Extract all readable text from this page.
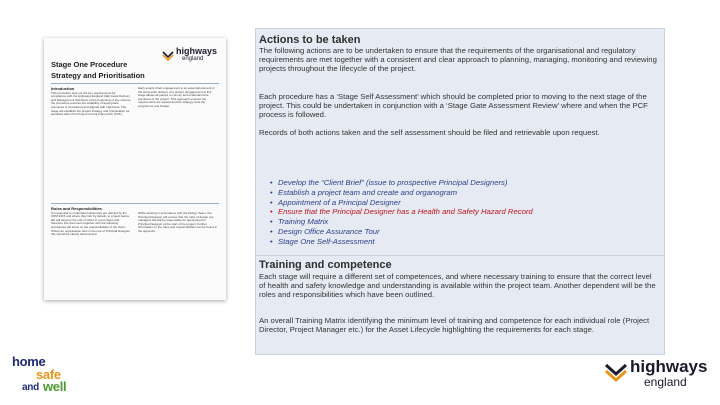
highways
england
Stage One Procedure
Strategy and Prioritisation
Introduction
This procedure sets out the key requirements for compliance with the Highways England (HE) Asset Delivery and Management Standard. At the beginning of any scheme the procedure ensures the suitability of appropriate resources is considered and aligned with objectives. The stage will establish the project strategy and prioritisation as identified within the Project Control Framework (PCF).
Early supply chain engagement is an essential element in the successful delivery of a project. Engagement at this stage allows all parties to convey and understand the intentions of the project. This approach ensures the requirements are agreed and the strategy suits the programme and budget.
Roles and Responsibilities
It is essential to understand what roles are defined by the CDM 2015 and where they fall, by default, to project teams. HE will assume the role of Client in most cases and therefore this document together with the following procedures will focus on the responsibilities of the client. Where an organisation acts in the role of Principal Designer this should be clearly documented.
While working in accordance with the Design Team, the Principal Designer will ensure that the risks of design are managed. HE will be responsible for appointing the Principal Designer at the start of the project. Further information on the roles and responsibilities can be found in the appendix.
Actions to be taken
The following actions are to be undertaken to ensure that the requirements of the organisational and regulatory requirements are met together with a consistent and clear approach to planning, managing, monitoring and reviewing projects throughout the lifecycle of the project.
Each procedure has a ‘Stage Self Assessment’ which should be completed prior to moving to the next stage of the project. This could be undertaken in conjunction with a ‘Stage Gate Assessment Review’ where and when the PCF process is followed.
Records of both actions taken and the self assessment should be filed and retrievable upon request.
• Develop the “Client Brief” (issue to prospective Principal Designers)
• Establish a project team and create and organogram
• Appointment of a Principal Designer
• Ensure that the Principal Designer has a Health and Safety Hazard Record
• Training Matrix
• Design Office Assurance Tour
• Stage One Self-Assessment
Training and competence
Each stage will require a different set of competences, and where necessary training to ensure that the correct level of health and safety knowledge and understanding is available within the project team. Another dependent will be the roles and responsibilities which have been outlined.
An overall Training Matrix identifying the minimum level of training and competence for each individual role (Project Director, Project Manager etc.) for the Asset Lifecycle highlighting the requirements for each stage.
home
safe
and well
highways
england
